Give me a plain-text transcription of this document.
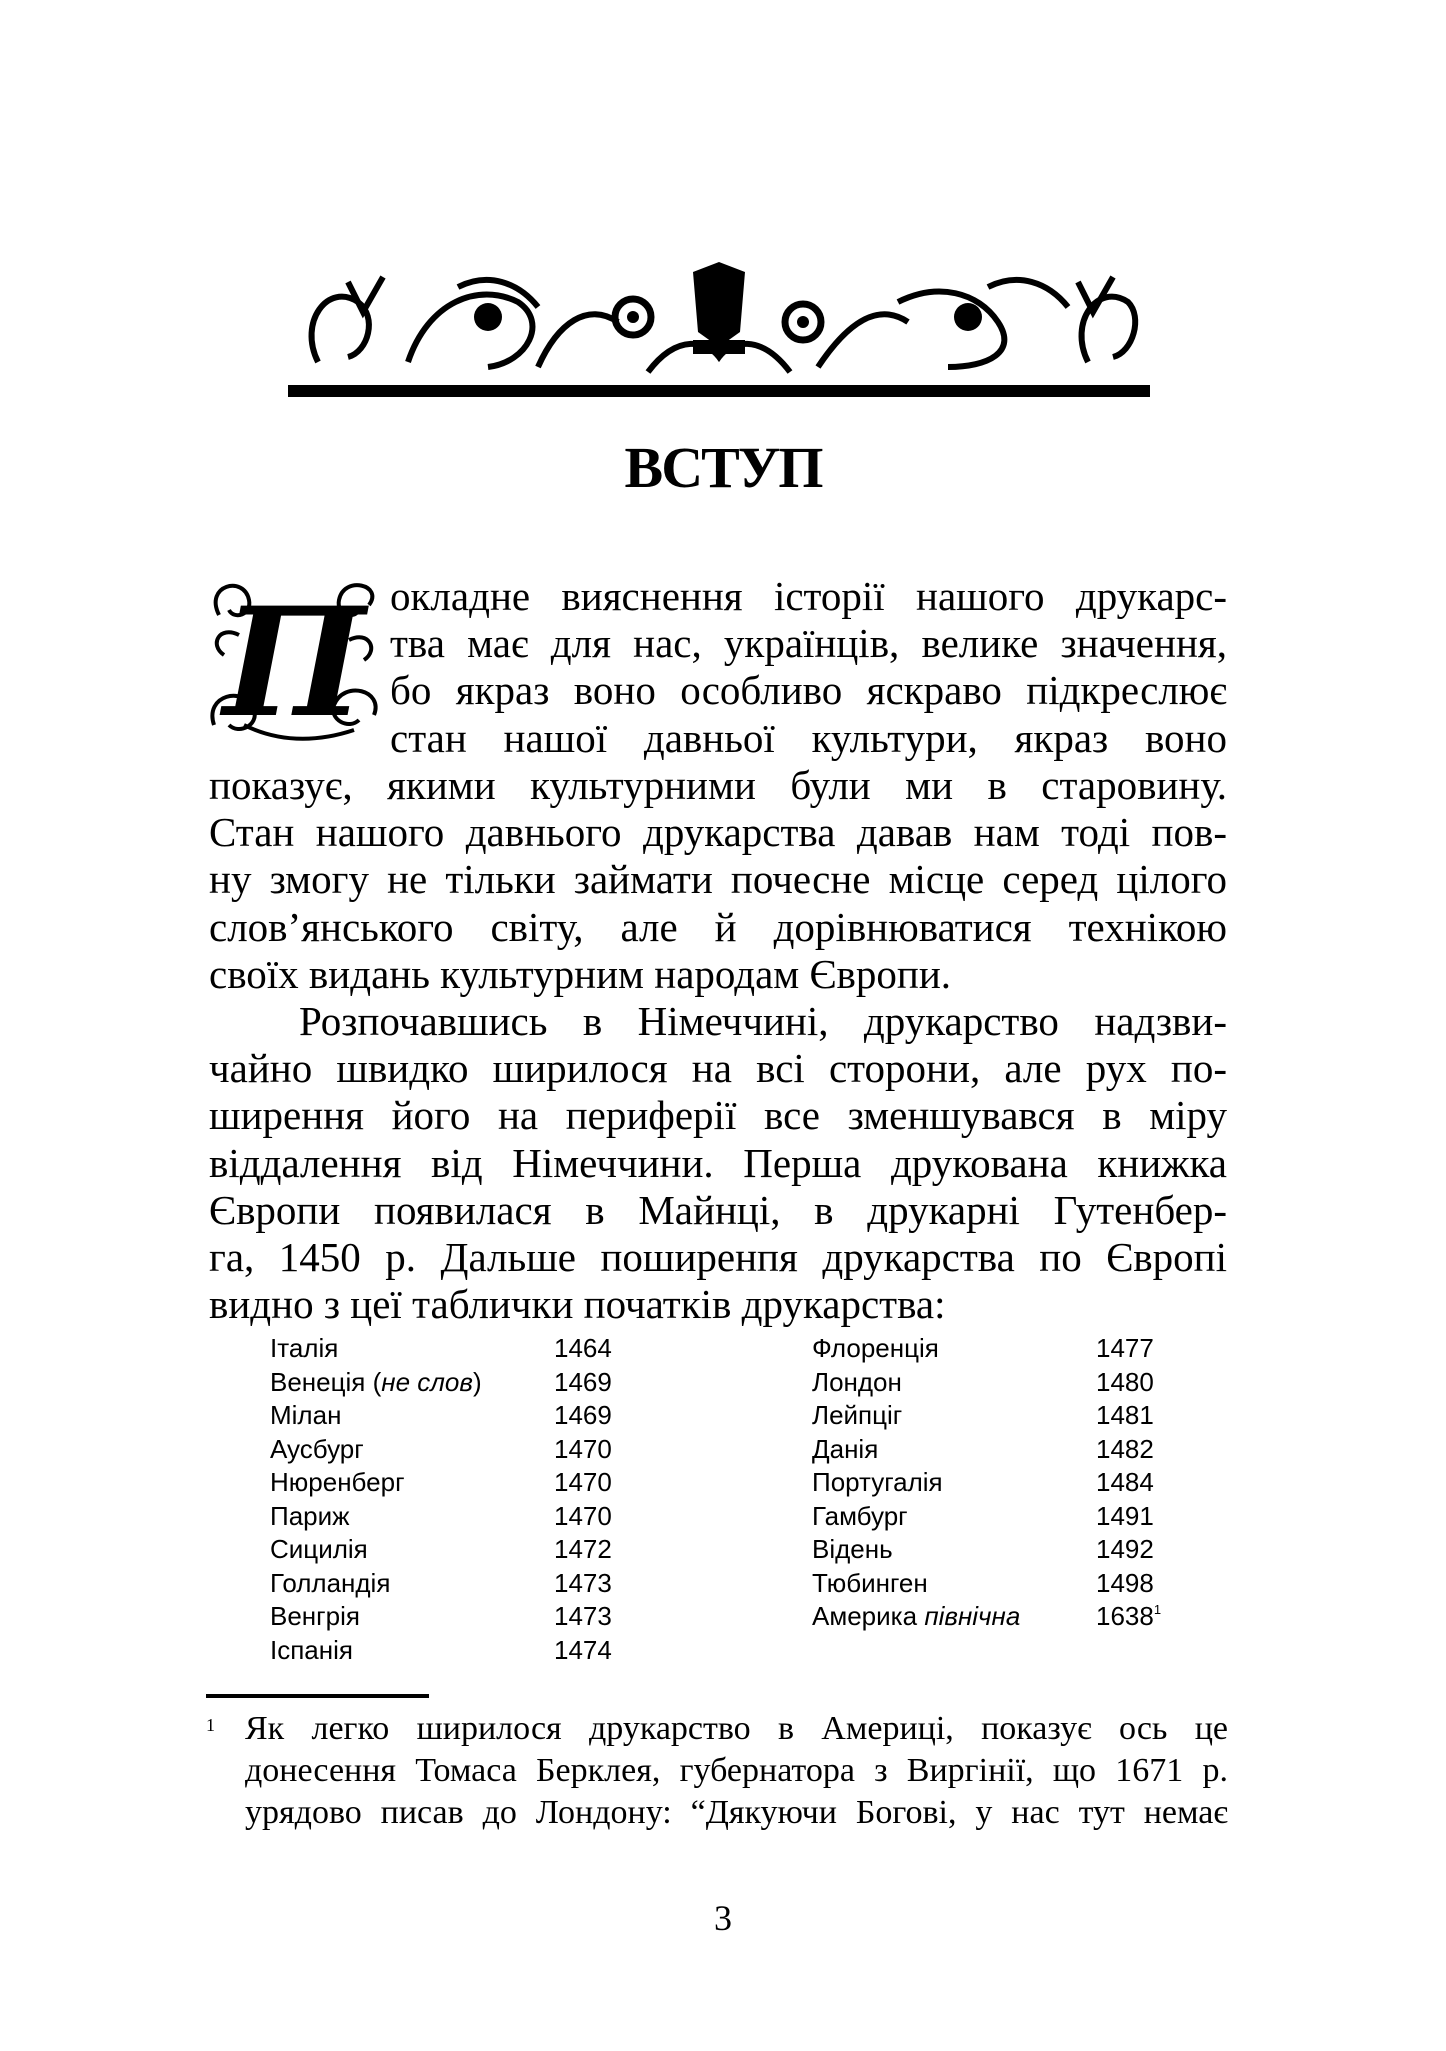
ВСТУП
П окладне вияснення історії нашого друкарс-
тва має для нас, українців, велике значення,
бо якраз воно особливо яскраво підкреслює
стан нашої давньої культури, якраз воно
показує, якими культурними були ми в старовину.
Стан нашого давнього друкарства давав нам тоді пов-
ну змогу не тільки займати почесне місце серед цілого
слов’янського світу, але й дорівнюватися технікою
своїх видань культурним народам Європи.
Розпочавшись в Німеччині, друкарство надзви-
чайно швидко ширилося на всі сторони, але рух по-
ширення його на периферії все зменшувався в міру
віддалення від Німеччини. Перша друкована книжка
Європи появилася в Майнці, в друкарні Гутенбер-
га, 1450 р. Дальше поширенпя друкарства по Європі
видно з цеї таблички початків друкарства:
Італія	1464
Венеція (не слов)	1469
Мілан	1469
Аусбург	1470
Нюренберг	1470
Париж	1470
Сицилія	1472
Голландія	1473
Венгрія	1473
Іспанія	1474
Флоренція	1477
Лондон	1480
Лейпціг	1481
Данія	1482
Португалія	1484
Гамбург	1491
Відень	1492
Тюбинген	1498
Америка північна	1638$^1$
1 Як легко ширилося друкарство в Америці, показує ось це
донесення Томаса Берклея, губернатора з Виргінії, що 1671 р.
урядово писав до Лондону: “Дякуючи Богові, у нас тут немає
3
